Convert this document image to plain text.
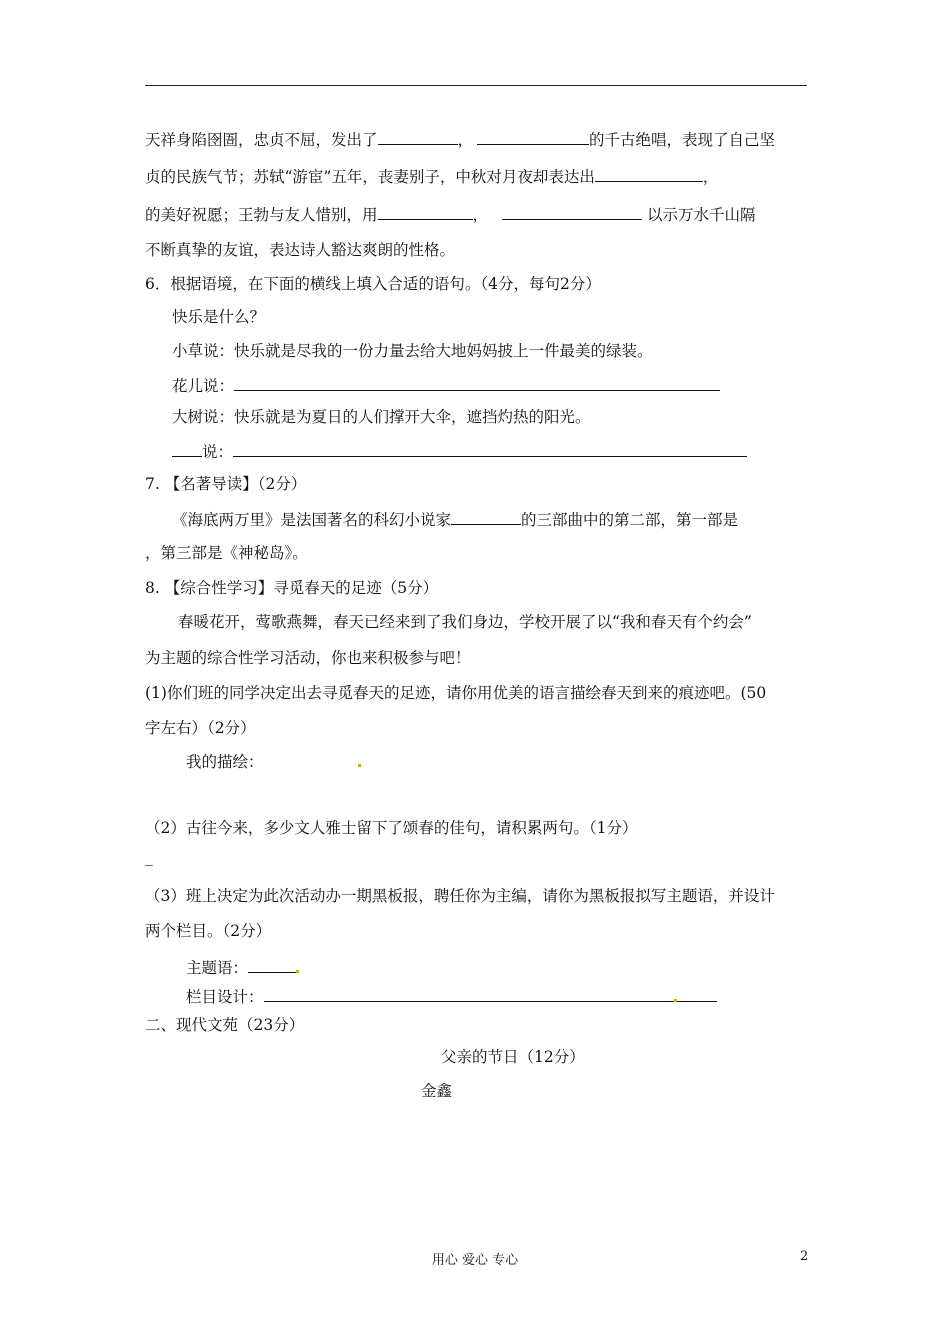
天祥身陷囹圄，忠贞不屈，发出了	，	的千古绝唱，表现了自己坚
贞的民族气节；苏轼“游宦”五年，丧妻别子，中秋对月夜却表达出	，
的美好祝愿；王勃与友人惜别，用	，	以示万水千山隔
不断真挚的友谊，表达诗人豁达爽朗的性格。
6．根据语境，在下面的横线上填入合适的语句。（4分，每句2分）
快乐是什么？
小草说：快乐就是尽我的一份力量去给大地妈妈披上一件最美的绿装。
花儿说：
大树说：快乐就是为夏日的人们撑开大伞，遮挡灼热的阳光。
说：
7. 【名著导读】（2分）
《海底两万里》是法国著名的科幻小说家	的三部曲中的第二部，第一部是
，第三部是《神秘岛》。
8. 【综合性学习】寻觅春天的足迹（5分）
春暖花开，莺歌燕舞，春天已经来到了我们身边，学校开展了以“我和春天有个约会”
为主题的综合性学习活动，你也来积极参与吧！
(1)你们班的同学决定出去寻觅春天的足迹，请你用优美的语言描绘春天到来的痕迹吧。(50
字左右）（2分）
我的描绘：
（2）古往今来，多少文人雅士留下了颂春的佳句，请积累两句。（1分）
_
（3）班上决定为此次活动办一期黑板报，聘任你为主编，请你为黑板报拟写主题语，并设计
两个栏目。（2分）
主题语：
栏目设计：
二、现代文苑（23分）
父亲的节日（12分）
金鑫
用心 爱心 专心	2
